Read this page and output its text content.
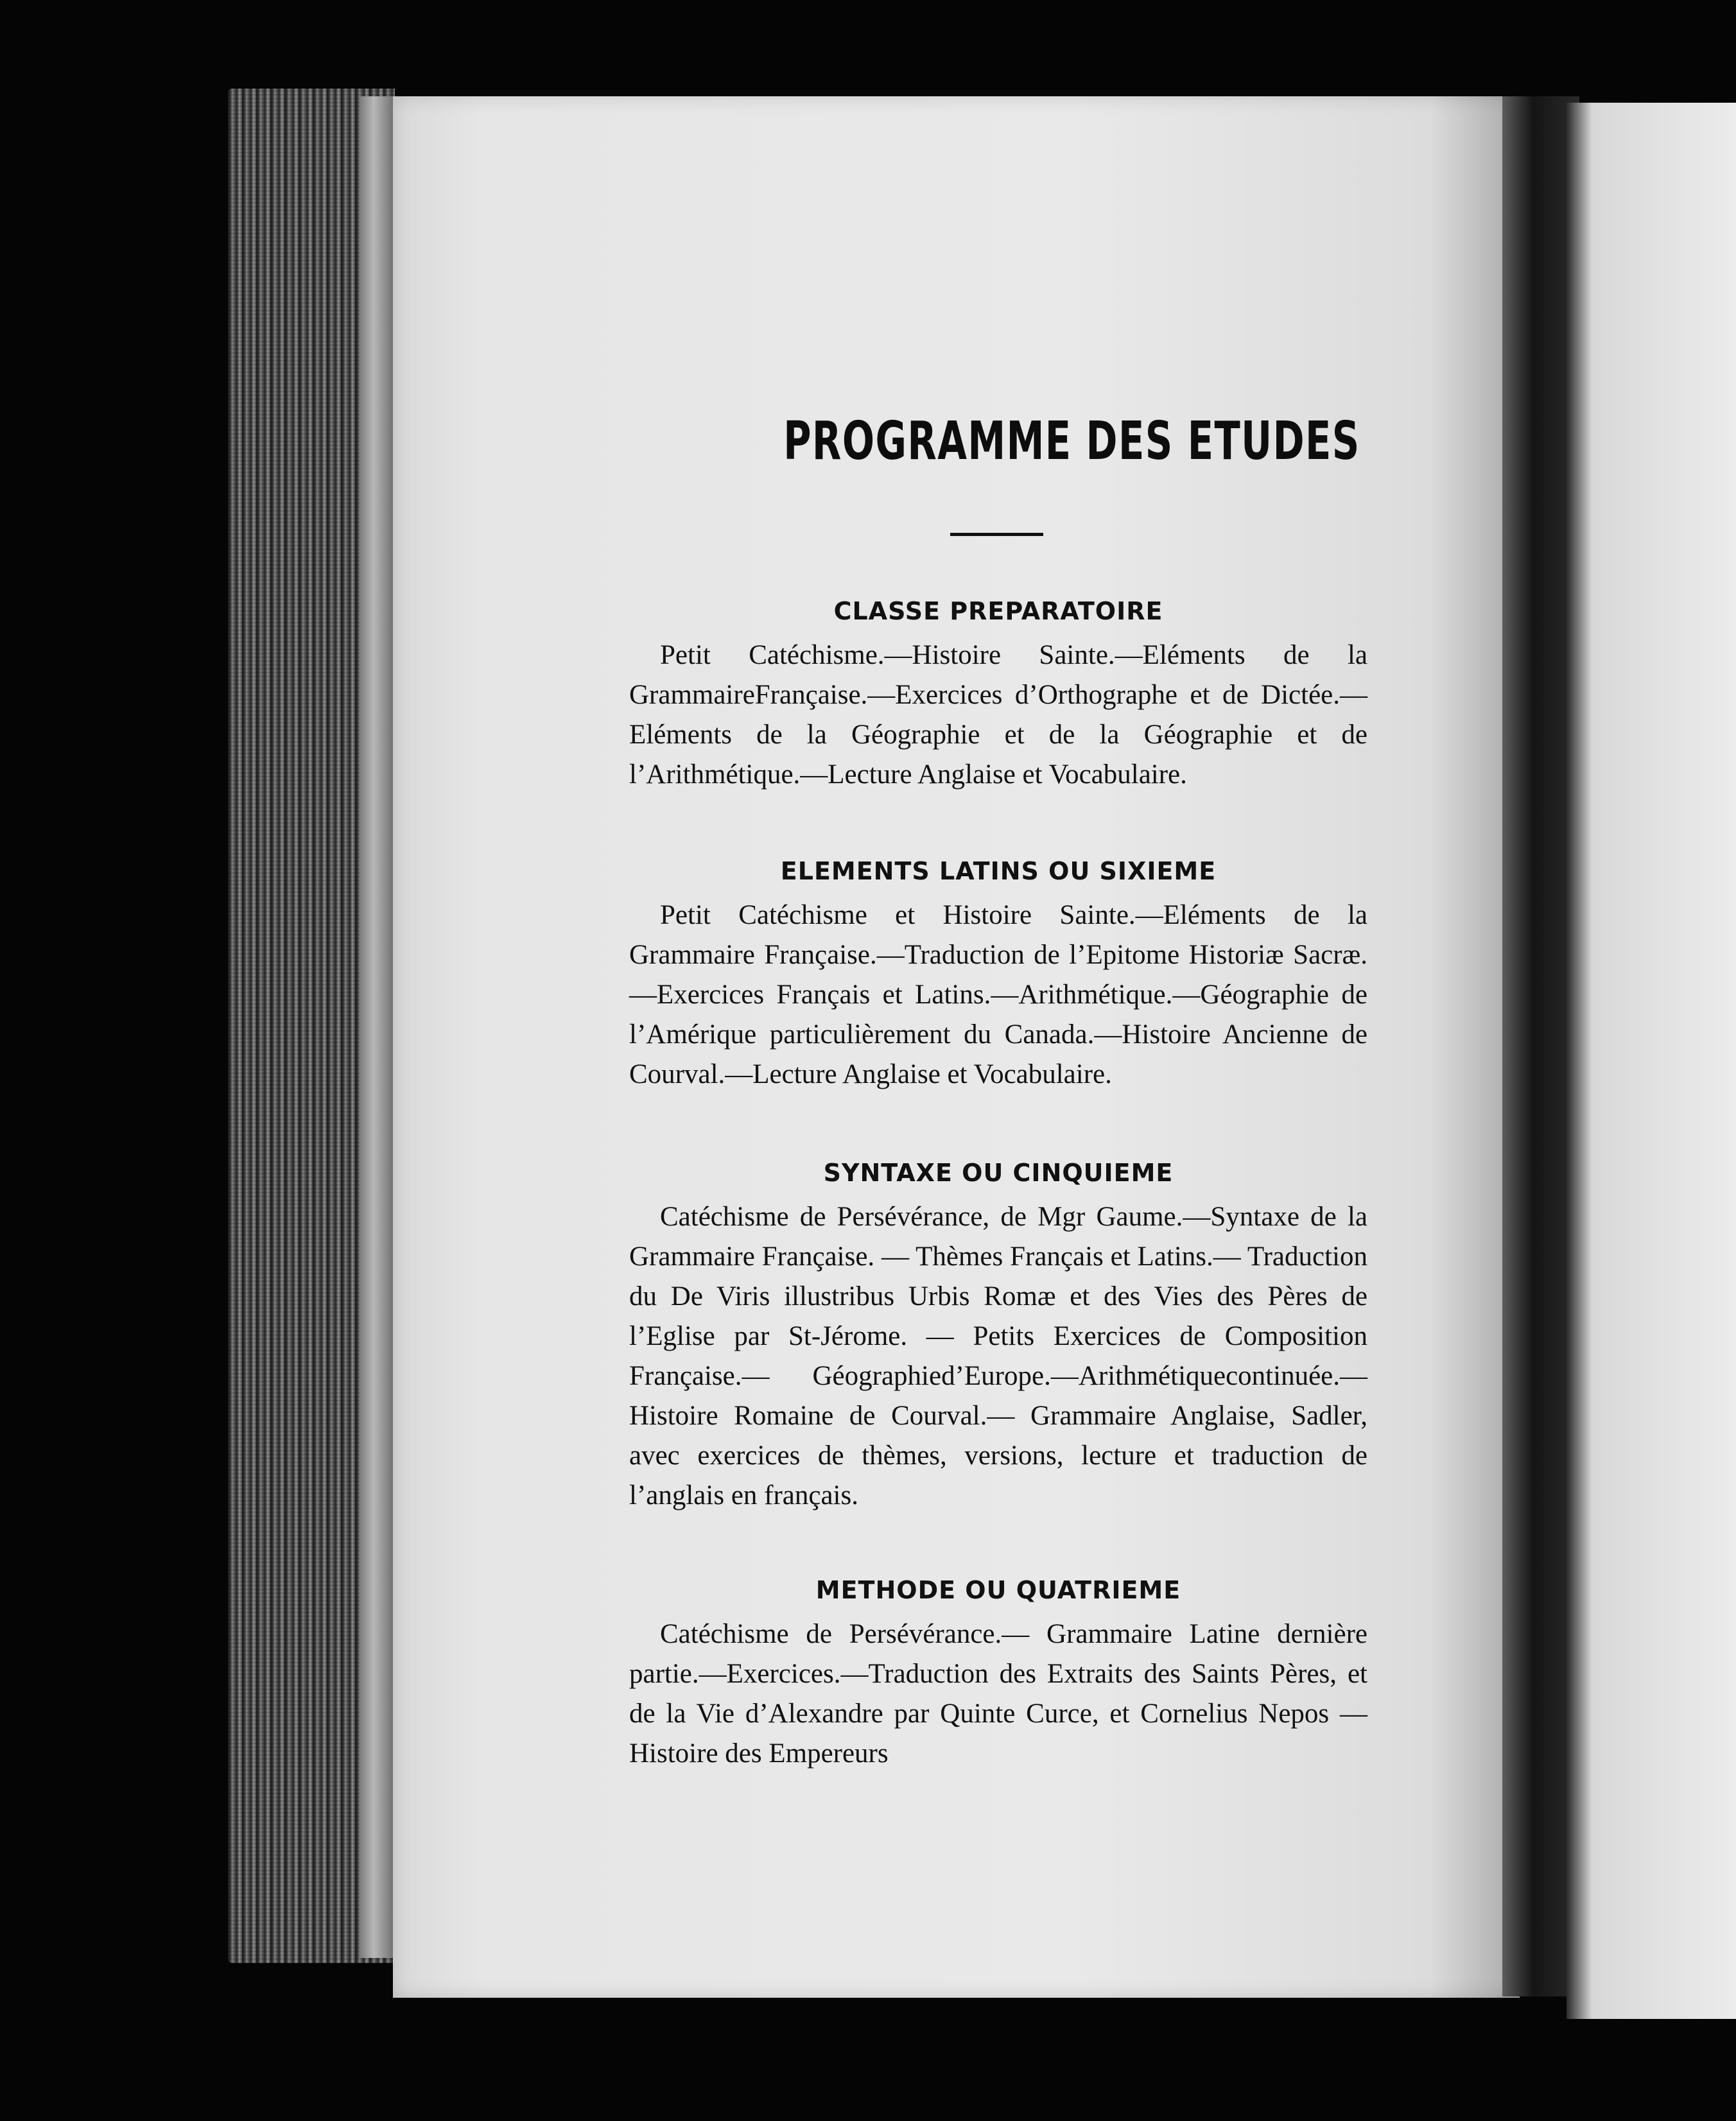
PROGRAMME DES ETUDES
CLASSE PREPARATOIRE

Petit Catéchisme.—Histoire Sainte.—Eléments de la GrammaireFrançaise.—Exercices d’Orthographe et de Dictée.—Eléments de la Géographie et de la Géographie et de l’Arithmétique.—Lecture Anglaise et Vocabulaire.

ELEMENTS LATINS OU SIXIEME

Petit Catéchisme et Histoire Sainte.—Eléments de la Grammaire Française.—Traduction de l’Epitome Historiæ Sacræ.—Exercices Français et Latins.—Arithmétique.—Géographie de l’Amérique particulièrement du Canada.—Histoire Ancienne de Courval.—Lecture Anglaise et Vocabulaire.

SYNTAXE OU CINQUIEME

Catéchisme de Persévérance, de Mgr Gaume.—Syntaxe de la Grammaire Française. — Thèmes Français et Latins.— Traduction du De Viris illustribus Urbis Romæ et des Vies des Pères de l’Eglise par St-Jérome. — Petits Exercices de Composition Française.— Géographied’Europe.—Arithmétiquecontinuée.—Histoire Romaine de Courval.— Grammaire Anglaise, Sadler, avec exercices de thèmes, versions, lecture et traduction de l’anglais en français.

METHODE OU QUATRIEME

Catéchisme de Persévérance.— Grammaire Latine dernière partie.—Exercices.—Traduction des Extraits des Saints Pères, et de la Vie d’Alexandre par Quinte Curce, et Cornelius Nepos — Histoire des Empereurs
